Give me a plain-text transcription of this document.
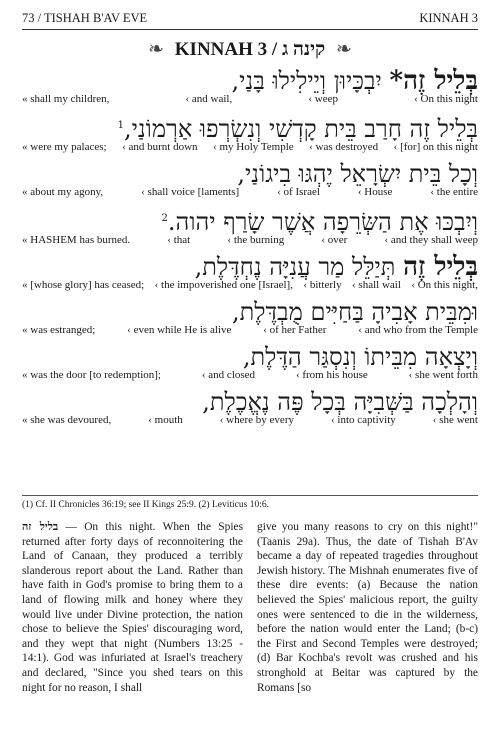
73 / TISHAH B'AV EVE	KINNAH 3
❧ KINNAH 3 / קינה ג ❧
בְּלֵיל זֶה* יִבְכָּיוּן וְיֵילִילוּ בָּנַי,
« shall my children,	‹ and wail,	‹ weep	‹ On this night
בְּלֵיל זֶה חָרַב בֵּית קָדְשִׁי וְנִשְׂרְפוּ אַרְמוֹנַי,$^1$
« were my palaces; ‹ and burnt down ‹ my Holy Temple ‹ was destroyed ‹ [for] on this night
וְכָל בֵּית יִשְׂרָאֵל יֶהְגּוּ בִיגוֹנַי,
« about my agony,	‹ shall voice [laments]	‹ of Israel	‹ House	‹ the entire
וְיִבְכּוּ אֶת הַשְּׂרֵפָה אֲשֶׁר שָׂרַף יהוה.$^2$
« HASHEM has burned.	‹ that	‹ the burning	‹ over	‹ and they shall weep
בְּלֵיל זֶה תְּיַלֵּל מַר עֲנִיָּה נֶחְדֶּלֶת,
« [whose glory] has ceased; ‹ the impoverished one [Israel], ‹ bitterly ‹ shall wail ‹ On this night,
וּמִבֵּית אָבִיהָ בַּחַיִּים מֻבְדֶּלֶת,
« was estranged;	‹ even while He is alive	‹ of her Father	‹ and who from the Temple
וְיָצְאָה מִבֵּיתוֹ וְנִסְגַּר הַדֶּלֶת,
« was the door [to redemption];	‹ and closed	‹ from his house	‹ she went forth
וְהָלְכָה בַּשְּׁבִיָּה בְּכָל פֶּה נֶאֱכֶלֶת,
« she was devoured,	‹ mouth	‹ where by every	‹ into captivity	‹ she went
(1) Cf. II Chronicles 36:19; see II Kings 25:9. (2) Leviticus 10:6.
בליל זה — On this night. When the Spies returned after forty days of reconnoitering the Land of Canaan, they produced a terribly slanderous report about the Land. Rather than have faith in God's promise to bring them to a land of flowing milk and honey where they would live under Divine protection, the nation chose to believe the Spies' discouraging word, and they wept that night (Numbers 13:25 - 14:1). God was infuriated at Israel's treachery and declared, "Since you shed tears on this night for no reason, I shall
give you many reasons to cry on this night!" (Taanis 29a). Thus, the date of Tishah B'Av became a day of repeated tragedies throughout Jewish history. The Mishnah enumerates five of these dire events: (a) Because the nation believed the Spies' malicious report, the guilty ones were sentenced to die in the wilderness, before the nation would enter the Land; (b-c) the First and Second Temples were destroyed; (d) Bar Kochba's revolt was crushed and his stronghold at Beitar was captured by the Romans [so
